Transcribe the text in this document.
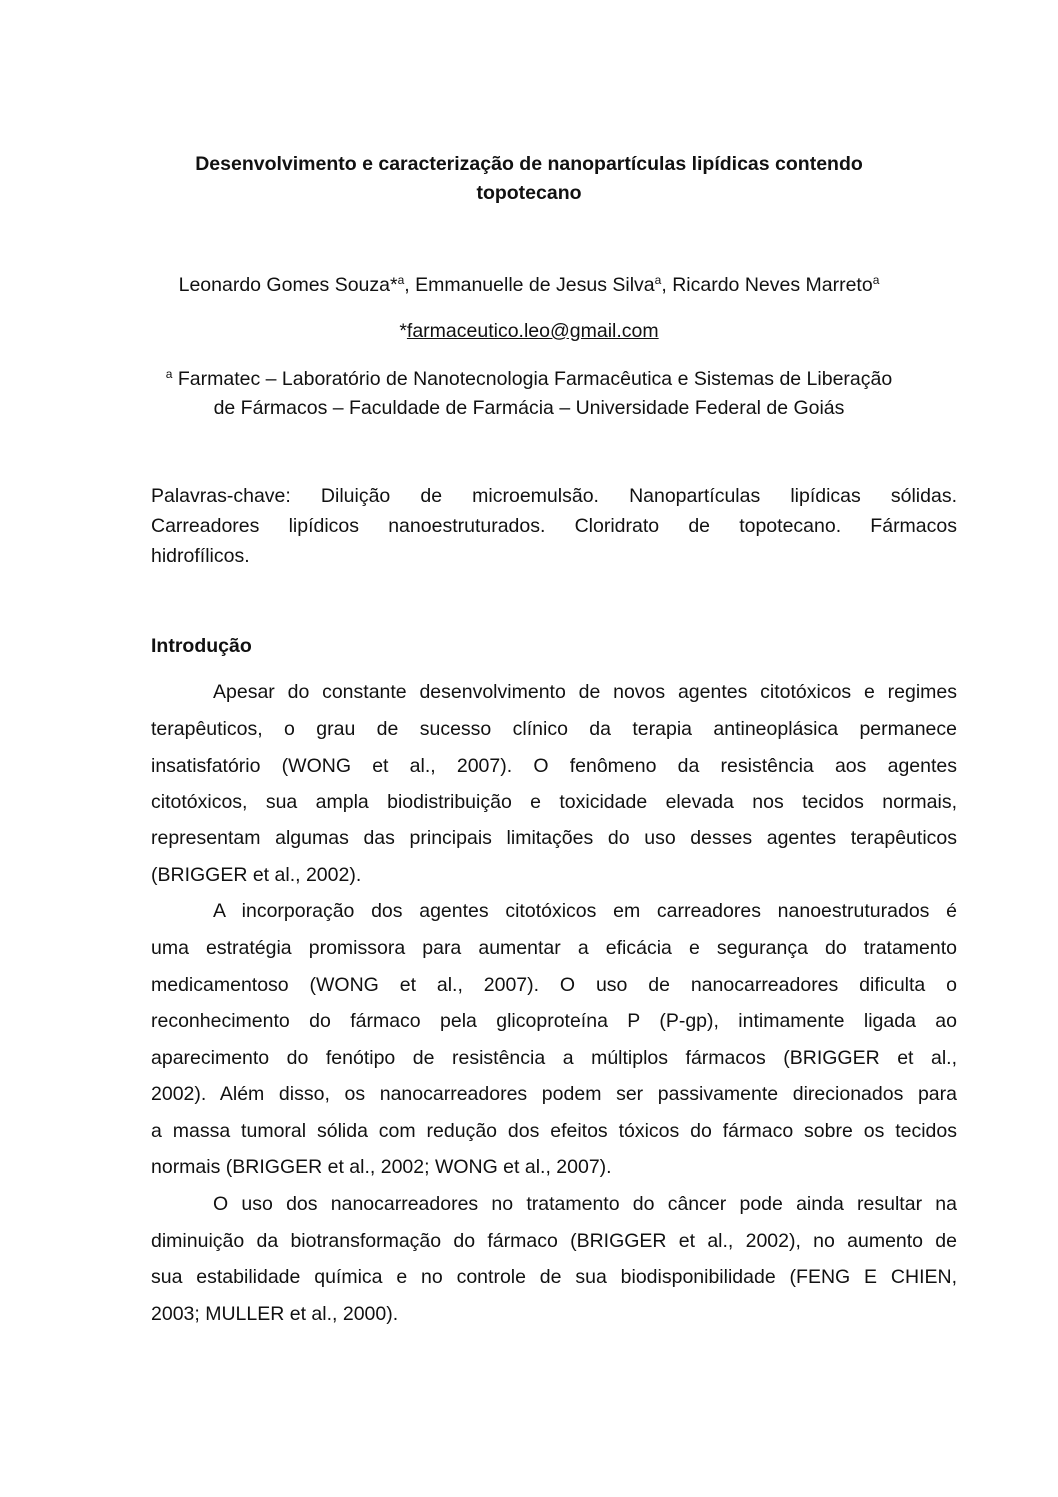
Desenvolvimento e caracterização de nanopartículas lipídicas contendo
topotecano
Leonardo Gomes Souza*$^a$, Emmanuelle de Jesus Silva$^a$, Ricardo Neves Marreto$^a$
*farmaceutico.leo@gmail.com
$^a$ Farmatec – Laboratório de Nanotecnologia Farmacêutica e Sistemas de Liberação
de Fármacos – Faculdade de Farmácia – Universidade Federal de Goiás
Palavras-chave: Diluição de microemulsão. Nanopartículas lipídicas sólidas.
Carreadores lipídicos nanoestruturados. Cloridrato de topotecano. Fármacos
hidrofílicos.
Introdução
Apesar do constante desenvolvimento de novos agentes citotóxicos e regimes
terapêuticos, o grau de sucesso clínico da terapia antineoplásica permanece
insatisfatório (WONG et al., 2007). O fenômeno da resistência aos agentes
citotóxicos, sua ampla biodistribuição e toxicidade elevada nos tecidos normais,
representam algumas das principais limitações do uso desses agentes terapêuticos
(BRIGGER et al., 2002).
A incorporação dos agentes citotóxicos em carreadores nanoestruturados é
uma estratégia promissora para aumentar a eficácia e segurança do tratamento
medicamentoso (WONG et al., 2007). O uso de nanocarreadores dificulta o
reconhecimento do fármaco pela glicoproteína P (P-gp), intimamente ligada ao
aparecimento do fenótipo de resistência a múltiplos fármacos (BRIGGER et al.,
2002). Além disso, os nanocarreadores podem ser passivamente direcionados para
a massa tumoral sólida com redução dos efeitos tóxicos do fármaco sobre os tecidos
normais (BRIGGER et al., 2002; WONG et al., 2007).
O uso dos nanocarreadores no tratamento do câncer pode ainda resultar na
diminuição da biotransformação do fármaco (BRIGGER et al., 2002), no aumento de
sua estabilidade química e no controle de sua biodisponibilidade (FENG E CHIEN,
2003; MULLER et al., 2000).
